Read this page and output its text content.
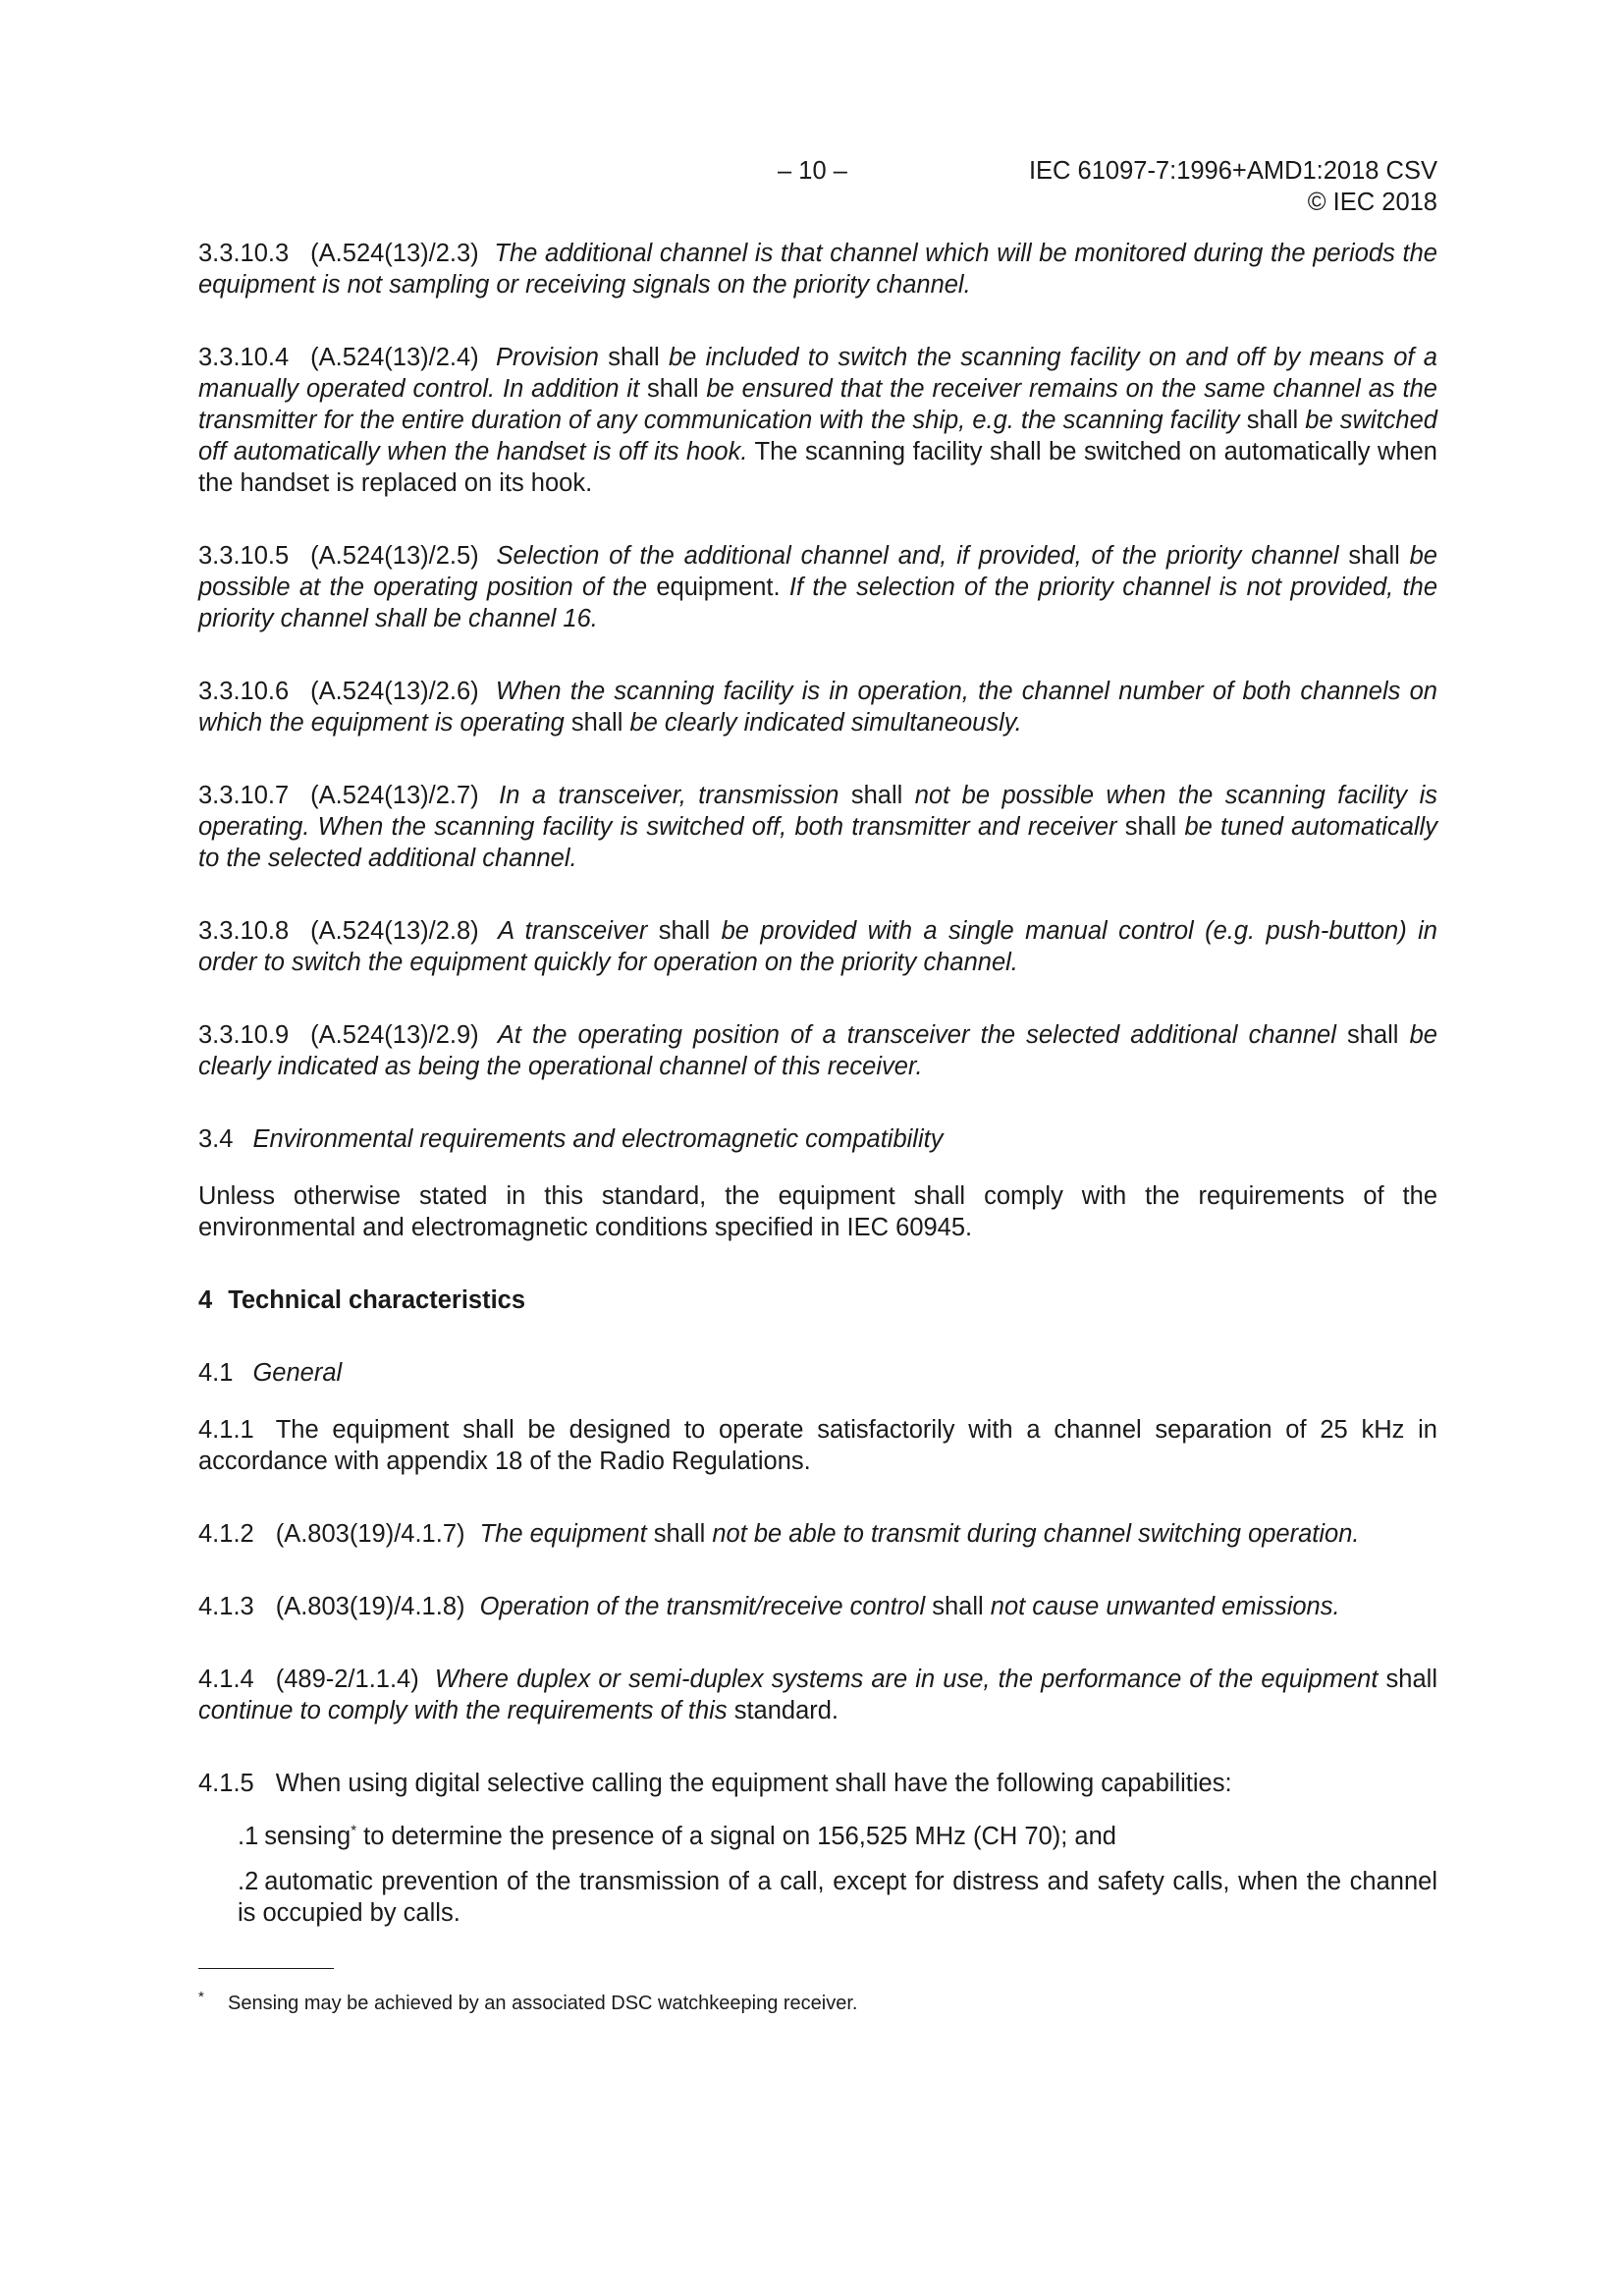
– 10 –	IEC 61097-7:1996+AMD1:2018 CSV
© IEC 2018

3.3.10.3 (A.524(13)/2.3) The additional channel is that channel which will be monitored during the periods the equipment is not sampling or receiving signals on the priority channel.

3.3.10.4 (A.524(13)/2.4) Provision shall be included to switch the scanning facility on and off by means of a manually operated control. In addition it shall be ensured that the receiver remains on the same channel as the transmitter for the entire duration of any communication with the ship, e.g. the scanning facility shall be switched off automatically when the handset is off its hook. The scanning facility shall be switched on automatically when the handset is replaced on its hook.

3.3.10.5 (A.524(13)/2.5) Selection of the additional channel and, if provided, of the priority channel shall be possible at the operating position of the equipment. If the selection of the priority channel is not provided, the priority channel shall be channel 16.

3.3.10.6 (A.524(13)/2.6) When the scanning facility is in operation, the channel number of both channels on which the equipment is operating shall be clearly indicated simultaneously.

3.3.10.7 (A.524(13)/2.7) In a transceiver, transmission shall not be possible when the scanning facility is operating. When the scanning facility is switched off, both transmitter and receiver shall be tuned automatically to the selected additional channel.

3.3.10.8 (A.524(13)/2.8) A transceiver shall be provided with a single manual control (e.g. push-button) in order to switch the equipment quickly for operation on the priority channel.

3.3.10.9 (A.524(13)/2.9) At the operating position of a transceiver the selected additional channel shall be clearly indicated as being the operational channel of this receiver.

3.4 Environmental requirements and electromagnetic compatibility

Unless otherwise stated in this standard, the equipment shall comply with the requirements of the environmental and electromagnetic conditions specified in IEC 60945.

4 Technical characteristics

4.1 General

4.1.1 The equipment shall be designed to operate satisfactorily with a channel separation of 25 kHz in accordance with appendix 18 of the Radio Regulations.

4.1.2 (A.803(19)/4.1.7) The equipment shall not be able to transmit during channel switching operation.

4.1.3 (A.803(19)/4.1.8) Operation of the transmit/receive control shall not cause unwanted emissions.

4.1.4 (489-2/1.1.4) Where duplex or semi-duplex systems are in use, the performance of the equipment shall continue to comply with the requirements of this standard.

4.1.5 When using digital selective calling the equipment shall have the following capabilities:

.1 sensing* to determine the presence of a signal on 156,525 MHz (CH 70); and
.2 automatic prevention of the transmission of a call, except for distress and safety calls, when the channel is occupied by calls.
* Sensing may be achieved by an associated DSC watchkeeping receiver.
